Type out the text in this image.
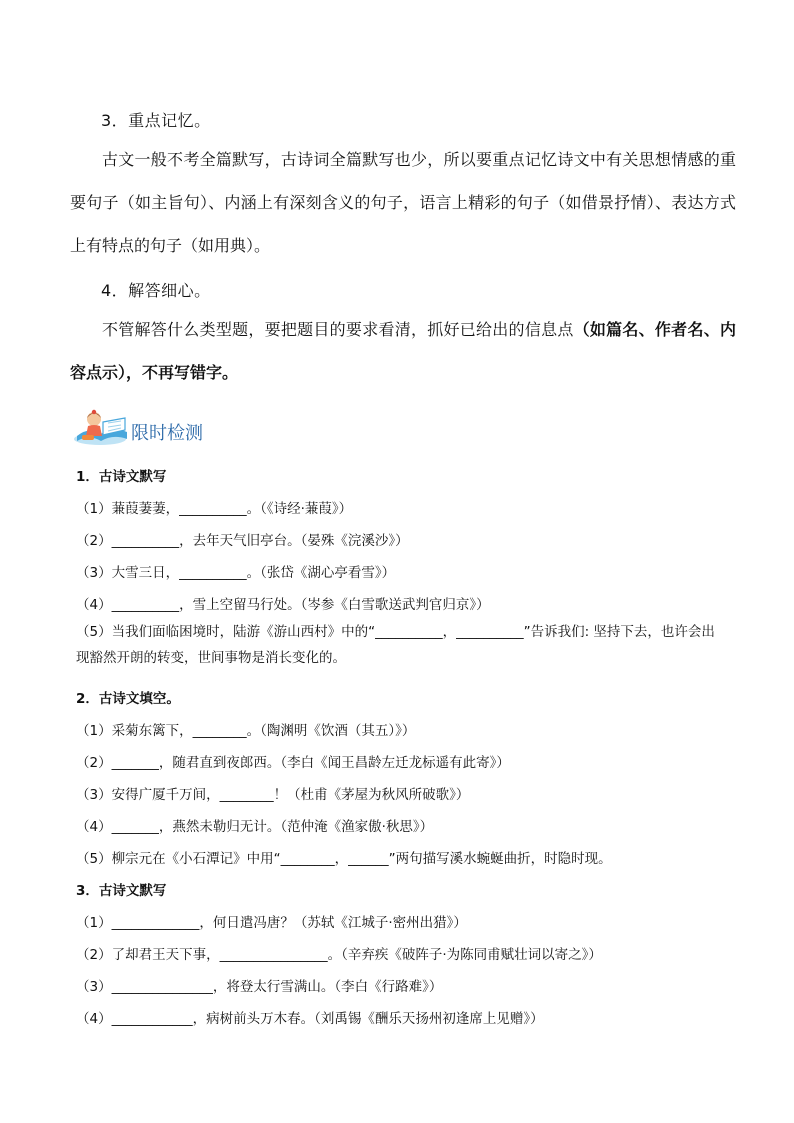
3．重点记忆。
古文一般不考全篇默写，古诗词全篇默写也少，所以要重点记忆诗文中有关思想情感的重要句子（如主旨句）、内涵上有深刻含义的句子，语言上精彩的句子（如借景抒情）、表达方式上有特点的句子（如用典）。
4．解答细心。
不管解答什么类型题，要把题目的要求看清，抓好已给出的信息点（如篇名、作者名、内容点示），不再写错字。
限时检测
1．古诗文默写
（1）蒹葭萋萋，__________。（《诗经·蒹葭》）
（2）__________，去年天气旧亭台。（晏殊《浣溪沙》）
（3）大雪三日，__________。（张岱《湖心亭看雪》）
（4）__________，雪上空留马行处。（岑参《白雪歌送武判官归京》）
（5）当我们面临困境时，陆游《游山西村》中的“__________，__________”告诉我们: 坚持下去，也许会出现豁然开朗的转变，世间事物是消长变化的。
2．古诗文填空。
（1）采菊东篱下，________。（陶渊明《饮酒（其五）》）
（2）_______，随君直到夜郎西。（李白《闻王昌龄左迁龙标遥有此寄》）
（3）安得广厦千万间，________！（杜甫《茅屋为秋风所破歌》）
（4）_______，燕然未勒归无计。（范仲淹《渔家傲·秋思》）
（5）柳宗元在《小石潭记》中用“________，______”两句描写溪水蜿蜒曲折，时隐时现。
3．古诗文默写
（1）_____________，何日遣冯唐？（苏轼《江城子·密州出猎》）
（2）了却君王天下事，________________。（辛弃疾《破阵子·为陈同甫赋壮词以寄之》）
（3）_______________，将登太行雪满山。（李白《行路难》）
（4）____________，病树前头万木春。（刘禹锡《酬乐天扬州初逢席上见赠》）
